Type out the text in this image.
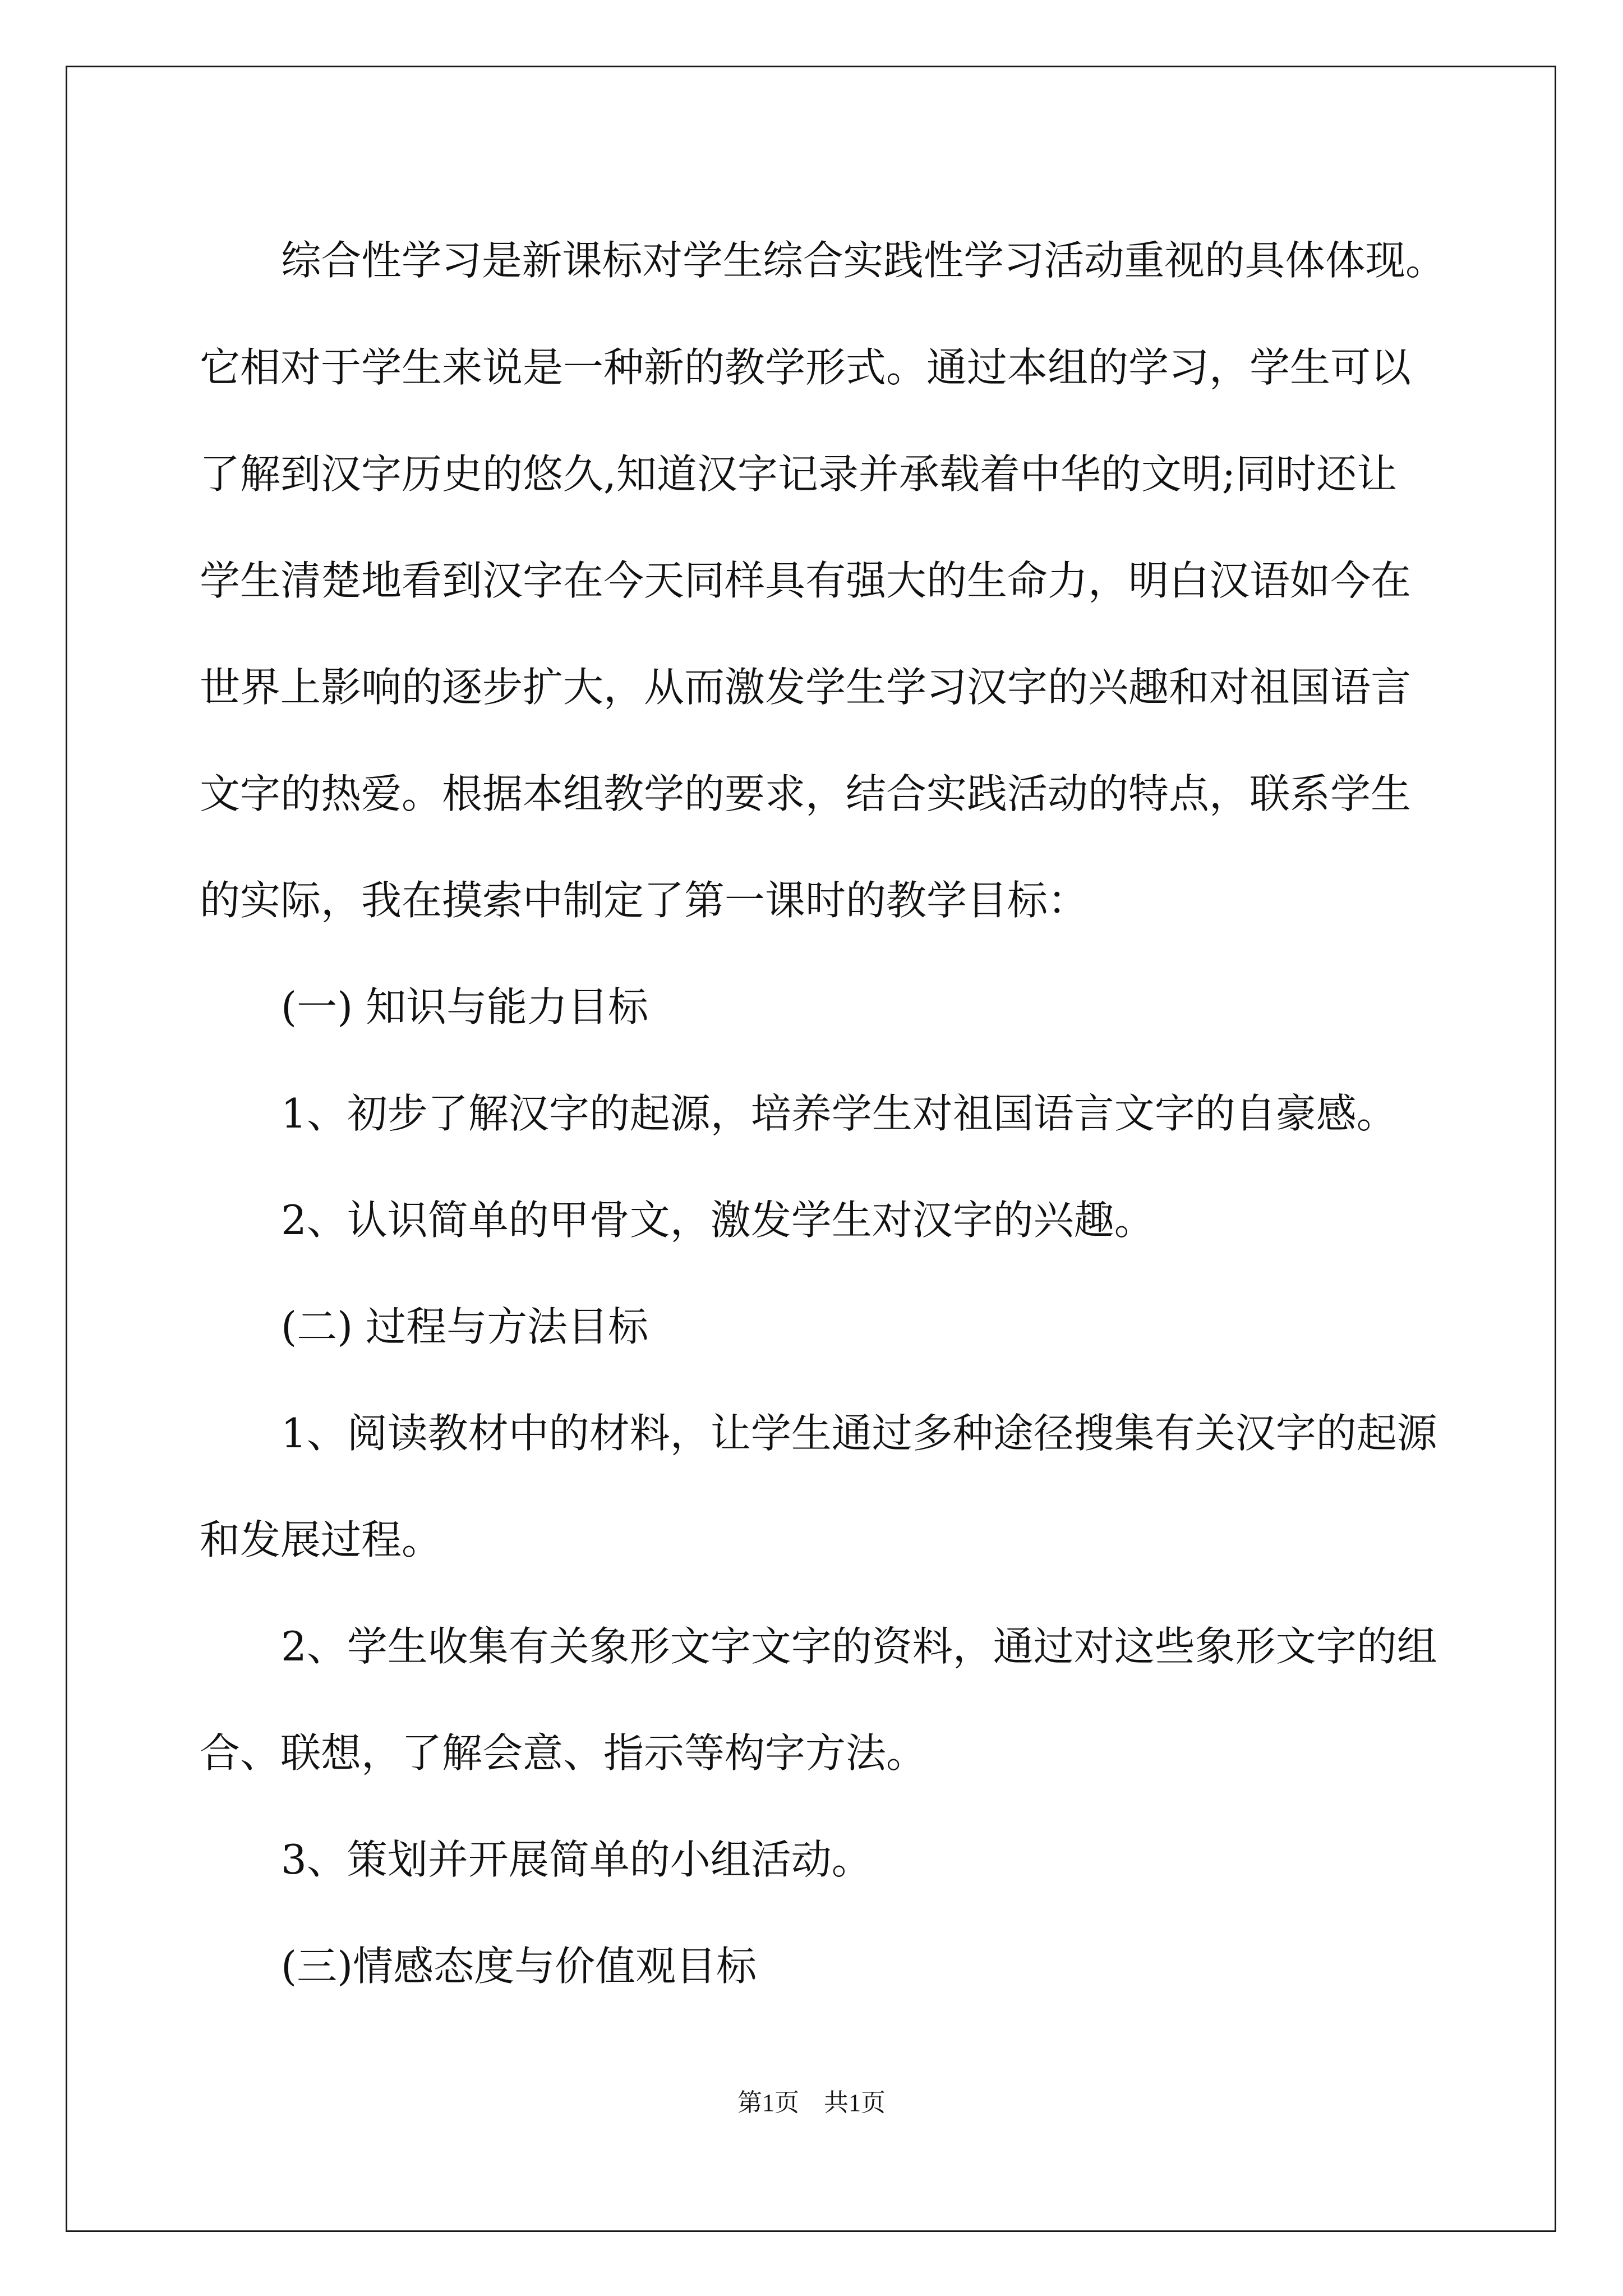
综合性学习是新课标对学生综合实践性学习活动重视的具体体现。
它相对于学生来说是一种新的教学形式。通过本组的学习，学生可以
了解到汉字历史的悠久,知道汉字记录并承载着中华的文明;同时还让
学生清楚地看到汉字在今天同样具有强大的生命力，明白汉语如今在
世界上影响的逐步扩大，从而激发学生学习汉字的兴趣和对祖国语言
文字的热爱。根据本组教学的要求，结合实践活动的特点，联系学生
的实际，我在摸索中制定了第一课时的教学目标：
(一) 知识与能力目标
1、初步了解汉字的起源，培养学生对祖国语言文字的自豪感。
2、认识简单的甲骨文，激发学生对汉字的兴趣。
(二) 过程与方法目标
1、阅读教材中的材料，让学生通过多种途径搜集有关汉字的起源
和发展过程。
2、学生收集有关象形文字文字的资料，通过对这些象形文字的组
合、联想，了解会意、指示等构字方法。
3、策划并开展简单的小组活动。
(三)情感态度与价值观目标
第1页 共1页
